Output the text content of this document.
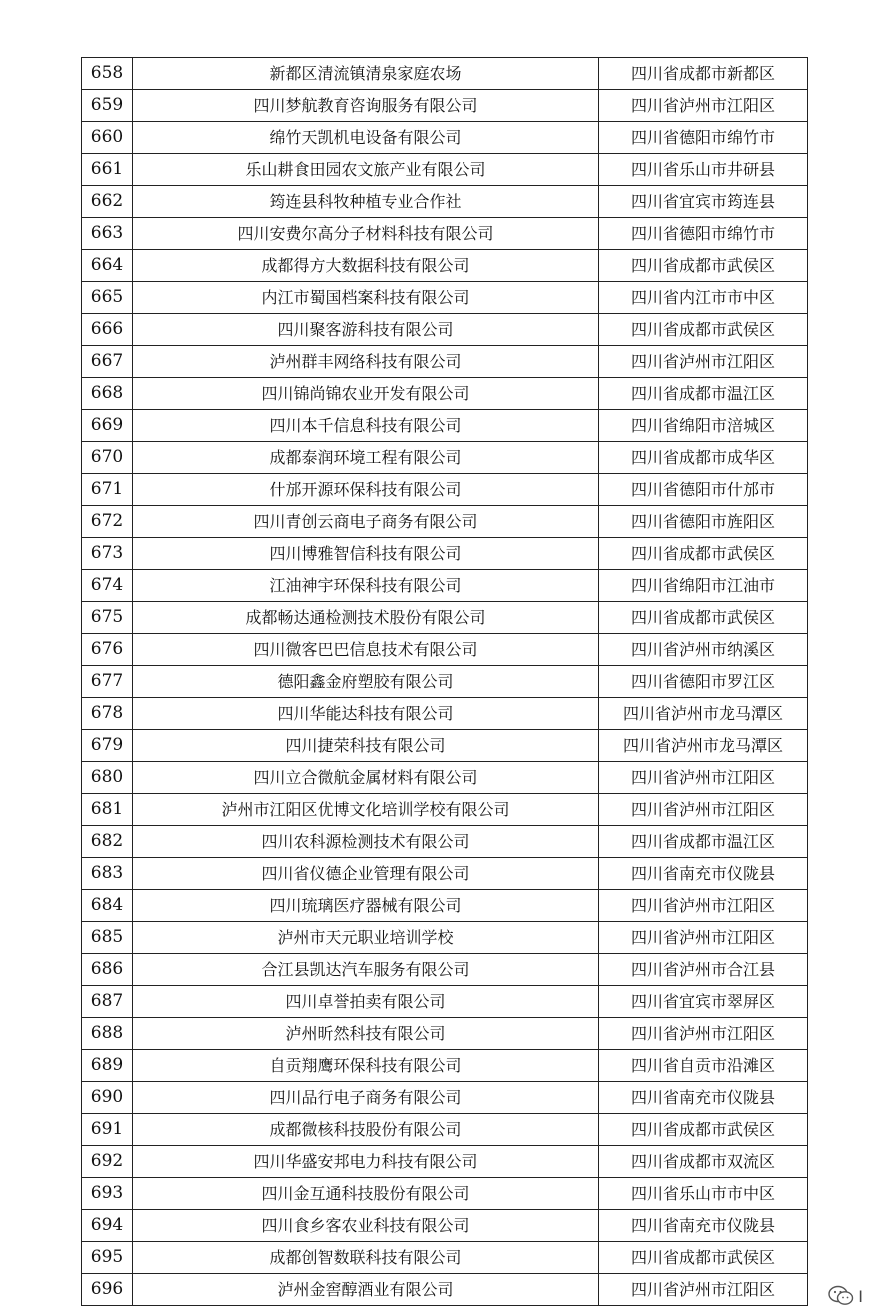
658	新都区清流镇清泉家庭农场	四川省成都市新都区
659	四川梦航教育咨询服务有限公司	四川省泸州市江阳区
660	绵竹天凯机电设备有限公司	四川省德阳市绵竹市
661	乐山耕食田园农文旅产业有限公司	四川省乐山市井研县
662	筠连县科牧种植专业合作社	四川省宜宾市筠连县
663	四川安费尔高分子材料科技有限公司	四川省德阳市绵竹市
664	成都得方大数据科技有限公司	四川省成都市武侯区
665	内江市蜀国档案科技有限公司	四川省内江市市中区
666	四川聚客游科技有限公司	四川省成都市武侯区
667	泸州群丰网络科技有限公司	四川省泸州市江阳区
668	四川锦尚锦农业开发有限公司	四川省成都市温江区
669	四川本千信息科技有限公司	四川省绵阳市涪城区
670	成都泰润环境工程有限公司	四川省成都市成华区
671	什邡开源环保科技有限公司	四川省德阳市什邡市
672	四川青创云商电子商务有限公司	四川省德阳市旌阳区
673	四川博雅智信科技有限公司	四川省成都市武侯区
674	江油神宇环保科技有限公司	四川省绵阳市江油市
675	成都畅达通检测技术股份有限公司	四川省成都市武侯区
676	四川微客巴巴信息技术有限公司	四川省泸州市纳溪区
677	德阳鑫金府塑胶有限公司	四川省德阳市罗江区
678	四川华能达科技有限公司	四川省泸州市龙马潭区
679	四川捷荣科技有限公司	四川省泸州市龙马潭区
680	四川立合微航金属材料有限公司	四川省泸州市江阳区
681	泸州市江阳区优博文化培训学校有限公司	四川省泸州市江阳区
682	四川农科源检测技术有限公司	四川省成都市温江区
683	四川省仪德企业管理有限公司	四川省南充市仪陇县
684	四川琉璃医疗器械有限公司	四川省泸州市江阳区
685	泸州市天元职业培训学校	四川省泸州市江阳区
686	合江县凯达汽车服务有限公司	四川省泸州市合江县
687	四川卓誉拍卖有限公司	四川省宜宾市翠屏区
688	泸州昕然科技有限公司	四川省泸州市江阳区
689	自贡翔鹰环保科技有限公司	四川省自贡市沿滩区
690	四川品行电子商务有限公司	四川省南充市仪陇县
691	成都微核科技股份有限公司	四川省成都市武侯区
692	四川华盛安邦电力科技有限公司	四川省成都市双流区
693	四川金互通科技股份有限公司	四川省乐山市市中区
694	四川食乡客农业科技有限公司	四川省南充市仪陇县
695	成都创智数联科技有限公司	四川省成都市武侯区
696	泸州金窖醇酒业有限公司	四川省泸州市江阳区	I
